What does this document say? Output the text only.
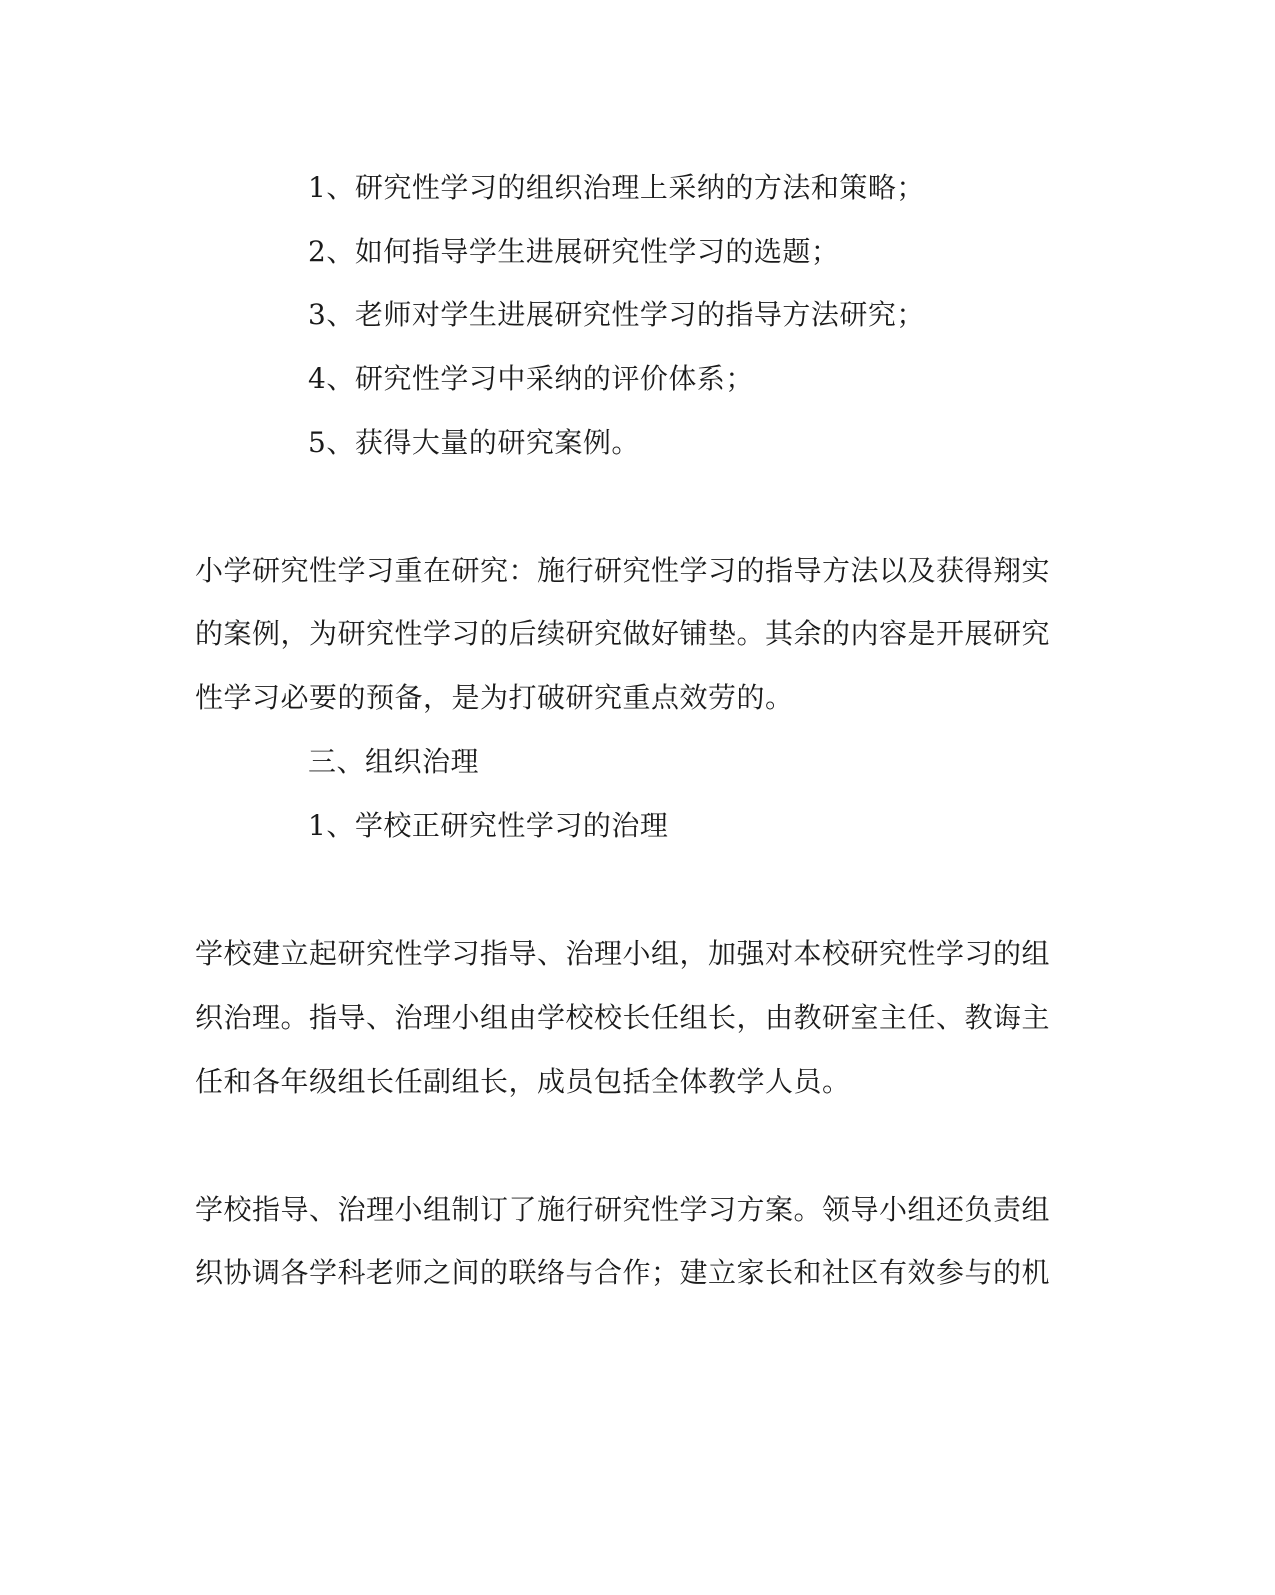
1、研究性学习的组织治理上采纳的方法和策略；
2、如何指导学生进展研究性学习的选题；
3、老师对学生进展研究性学习的指导方法研究；
4、研究性学习中采纳的评价体系；
5、获得大量的研究案例。
小学研究性学习重在研究：施行研究性学习的指导方法以及获得翔实
的案例，为研究性学习的后续研究做好铺垫。其余的内容是开展研究
性学习必要的预备，是为打破研究重点效劳的。
三、组织治理
1、学校正研究性学习的治理
学校建立起研究性学习指导、治理小组，加强对本校研究性学习的组
织治理。指导、治理小组由学校校长任组长，由教研室主任、教诲主
任和各年级组长任副组长，成员包括全体教学人员。
学校指导、治理小组制订了施行研究性学习方案。领导小组还负责组
织协调各学科老师之间的联络与合作；建立家长和社区有效参与的机
